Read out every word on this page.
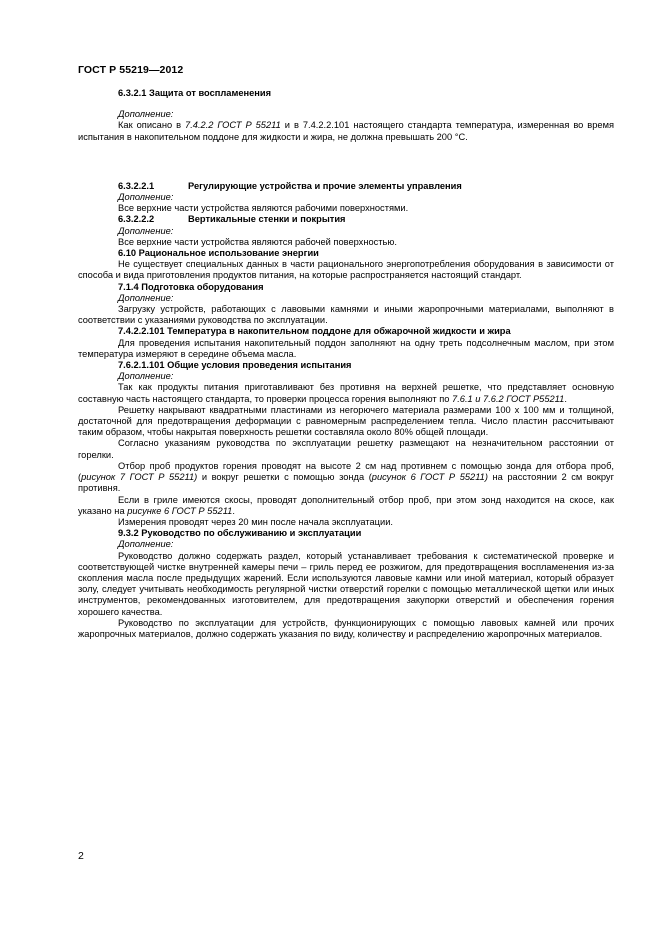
ГОСТ Р 55219—2012

6.3.2.1 Защита от воспламенения

Дополнение:

Как описано в 7.4.2.2 ГОСТ Р 55211 и в 7.4.2.2.101 настоящего стандарта температура, измеренная во время испытания в накопительном поддоне для жидкости и жира, не должна превышать 200 °С.

6.3.2.2.1	Регулирующие устройства и прочие элементы управления

Дополнение:

Все верхние части устройства являются рабочими поверхностями.

6.3.2.2.2	Вертикальные стенки и покрытия

Дополнение:

Все верхние части устройства являются рабочей поверхностью.

6.10 Рациональное использование энергии

Не существует специальных данных в части рационального энергопотребления оборудования в зависимости от способа и вида приготовления продуктов питания, на которые распространяется настоящий стандарт.

7.1.4 Подготовка оборудования

Дополнение:

Загрузку устройств, работающих с лавовыми камнями и иными жаропрочными материалами, выполняют в соответствии с указаниями руководства по эксплуатации.

7.4.2.2.101 Температура в накопительном поддоне для обжарочной жидкости и жира

Для проведения испытания накопительный поддон заполняют на одну треть подсолнечным маслом, при этом температура измеряют в середине объема масла.

7.6.2.1.101 Общие условия проведения испытания

Дополнение:

Так как продукты питания приготавливают без противня на верхней решетке, что представляет основную составную часть настоящего стандарта, то проверки процесса горения выполняют по 7.6.1 и 7.6.2 ГОСТ Р55211.

Решетку накрывают квадратными пластинами из негорючего материала размерами 100 х 100 мм и толщиной, достаточной для предотвращения деформации с равномерным распределением тепла. Число пластин рассчитывают таким образом, чтобы накрытая поверхность решетки составляла около 80% общей площади.

Согласно указаниям руководства по эксплуатации решетку размещают на незначительном расстоянии от горелки.

Отбор проб продуктов горения проводят на высоте 2 см над противнем с помощью зонда для отбора проб, (рисунок 7 ГОСТ Р 55211) и вокруг решетки с помощью зонда (рисунок 6 ГОСТ Р 55211) на расстоянии 2 см вокруг противня.

Если в гриле имеются скосы, проводят дополнительный отбор проб, при этом зонд находится на скосе, как указано на рисунке 6 ГОСТ Р 55211.

Измерения проводят через 20 мин после начала эксплуатации.

9.3.2 Руководство по обслуживанию и эксплуатации

Дополнение:

Руководство должно содержать раздел, который устанавливает требования к систематической проверке и соответствующей чистке внутренней камеры печи – гриль перед ее розжигом, для предотвращения воспламенения из-за скопления масла после предыдущих жарений. Если используются лавовые камни или иной материал, который образует золу, следует учитывать необходимость регулярной чистки отверстий горелки с помощью металлической щетки или иных инструментов, рекомендованных изготовителем, для предотвращения закупорки отверстий и обеспечения горения хорошего качества.

Руководство по эксплуатации для устройств, функционирующих с помощью лавовых камней или прочих жаропрочных материалов, должно содержать указания по виду, количеству и распределению жаропрочных материалов.

2
